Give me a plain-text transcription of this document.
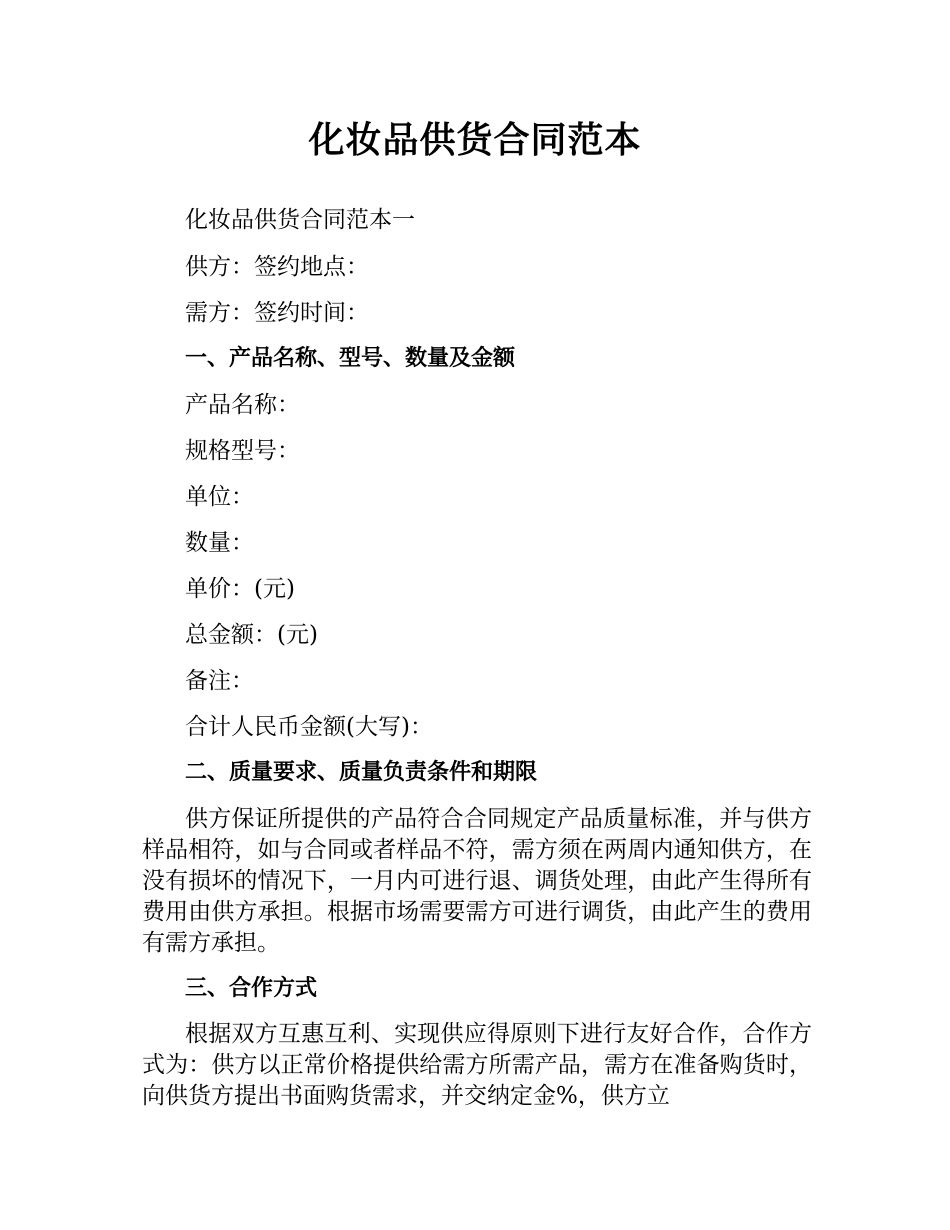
化妆品供货合同范本
化妆品供货合同范本一
供方：签约地点：
需方：签约时间：
一、产品名称、型号、数量及金额
产品名称：
规格型号：
单位：
数量：
单价：(元)
总金额：(元)
备注：
合计人民币金额(大写)：
二、质量要求、质量负责条件和期限
供方保证所提供的产品符合合同规定产品质量标准，并与供方样品相符，如与合同或者样品不符，需方须在两周内通知供方，在没有损坏的情况下，一月内可进行退、调货处理，由此产生得所有费用由供方承担。根据市场需要需方可进行调货，由此产生的费用有需方承担。
三、合作方式
根据双方互惠互利、实现供应得原则下进行友好合作，合作方式为：供方以正常价格提供给需方所需产品，需方在准备购货时，向供货方提出书面购货需求，并交纳定金%，供方立
